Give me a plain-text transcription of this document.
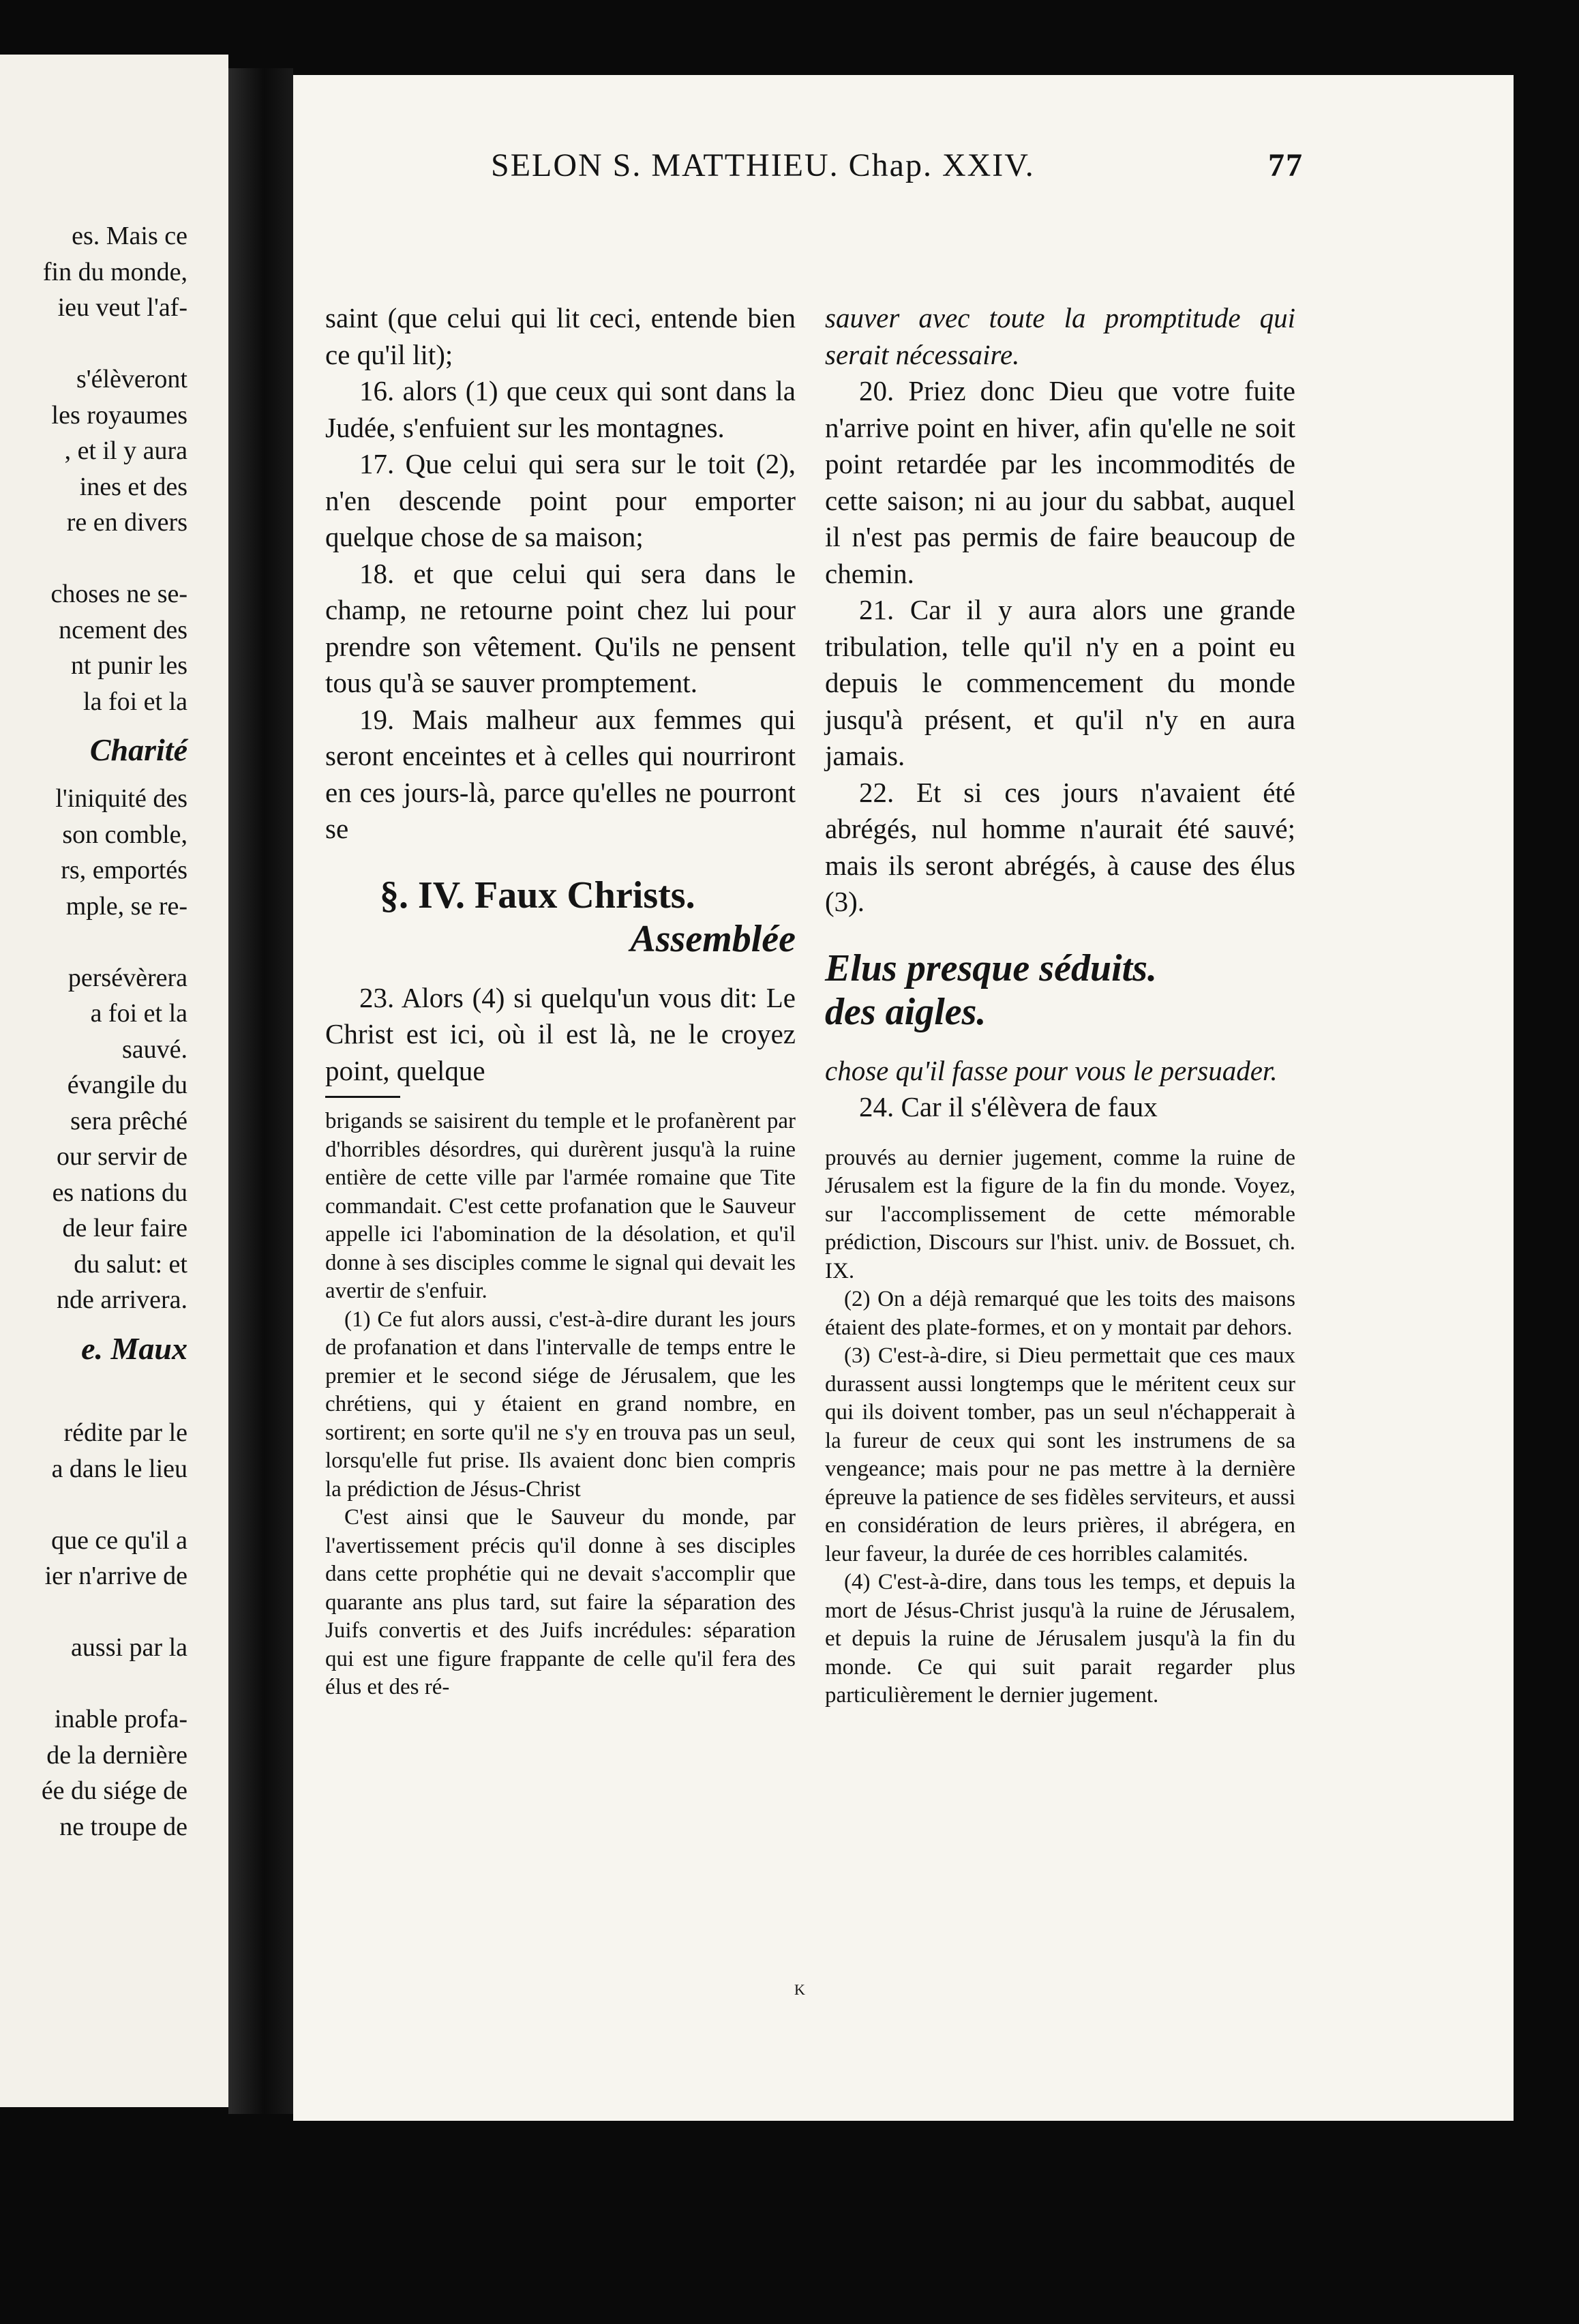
es. Mais ce
fin du monde,
ieu veut l'af-
s'élèveront
les royaumes
, et il y aura
ines et des
re en divers
choses ne se-
ncement des
nt punir les
la foi et la
Charité
l'iniquité des
son comble,
rs, emportés
mple, se re-
persévèrera
a foi et la
sauvé.
évangile du
sera prêché
our servir de
es nations du
de leur faire
du salut: et
nde arrivera.
e. Maux
rédite par le
a dans le lieu
que ce qu'il a
ier n'arrive de
aussi par la
inable profa-
de la dernière
ée du siége de
ne troupe de
SELON S. MATTHIEU. Chap. XXIV.	77

saint (que celui qui lit ceci, entende bien ce qu'il lit);

16. alors (1) que ceux qui sont dans la Judée, s'enfuient sur les montagnes.

17. Que celui qui sera sur le toit (2), n'en descende point pour emporter quelque chose de sa maison;

18. et que celui qui sera dans le champ, ne retourne point chez lui pour prendre son vêtement. Qu'ils ne pensent tous qu'à se sauver promptement.

19. Mais malheur aux femmes qui seront enceintes et à celles qui nourriront en ces jours-là, parce qu'elles ne pourront se

§. IV. Faux Christs.
Assemblée

23. Alors (4) si quelqu'un vous dit: Le Christ est ici, où il est là, ne le croyez point, quelque

brigands se saisirent du temple et le profanèrent par d'horribles désordres, qui durèrent jusqu'à la ruine entière de cette ville par l'armée romaine que Tite commandait. C'est cette profanation que le Sauveur appelle ici l'abomination de la désolation, et qu'il donne à ses disciples comme le signal qui devait les avertir de s'enfuir.

(1) Ce fut alors aussi, c'est-à-dire durant les jours de profanation et dans l'intervalle de temps entre le premier et le second siége de Jérusalem, que les chrétiens, qui y étaient en grand nombre, en sortirent; en sorte qu'il ne s'y en trouva pas un seul, lorsqu'elle fut prise. Ils avaient donc bien compris la prédiction de Jésus-Christ

C'est ainsi que le Sauveur du monde, par l'avertissement précis qu'il donne à ses disciples dans cette prophétie qui ne devait s'accomplir que quarante ans plus tard, sut faire la séparation des Juifs convertis et des Juifs incrédules: séparation qui est une figure frappante de celle qu'il fera des élus et des ré-

sauver avec toute la promptitude qui serait nécessaire.

20. Priez donc Dieu que votre fuite n'arrive point en hiver, afin qu'elle ne soit point retardée par les incommodités de cette saison; ni au jour du sabbat, auquel il n'est pas permis de faire beaucoup de chemin.

21. Car il y aura alors une grande tribulation, telle qu'il n'y en a point eu depuis le commencement du monde jusqu'à présent, et qu'il n'y en aura jamais.

22. Et si ces jours n'avaient été abrégés, nul homme n'aurait été sauvé; mais ils seront abrégés, à cause des élus (3).

Elus presque séduits.
des aigles.

chose qu'il fasse pour vous le persuader.

24. Car il s'élèvera de faux

prouvés au dernier jugement, comme la ruine de Jérusalem est la figure de la fin du monde. Voyez, sur l'accomplissement de cette mémorable prédiction, Discours sur l'hist. univ. de Bossuet, ch. IX.

(2) On a déjà remarqué que les toits des maisons étaient des plate-formes, et on y montait par dehors.

(3) C'est-à-dire, si Dieu permettait que ces maux durassent aussi longtemps que le méritent ceux sur qui ils doivent tomber, pas un seul n'échapperait à la fureur de ceux qui sont les instrumens de sa vengeance; mais pour ne pas mettre à la dernière épreuve la patience de ses fidèles serviteurs, et aussi en considération de leurs prières, il abrégera, en leur faveur, la durée de ces horribles calamités.

(4) C'est-à-dire, dans tous les temps, et depuis la mort de Jésus-Christ jusqu'à la ruine de Jérusalem, et depuis la ruine de Jérusalem jusqu'à la fin du monde. Ce qui suit parait regarder plus particulièrement le dernier jugement.

K
